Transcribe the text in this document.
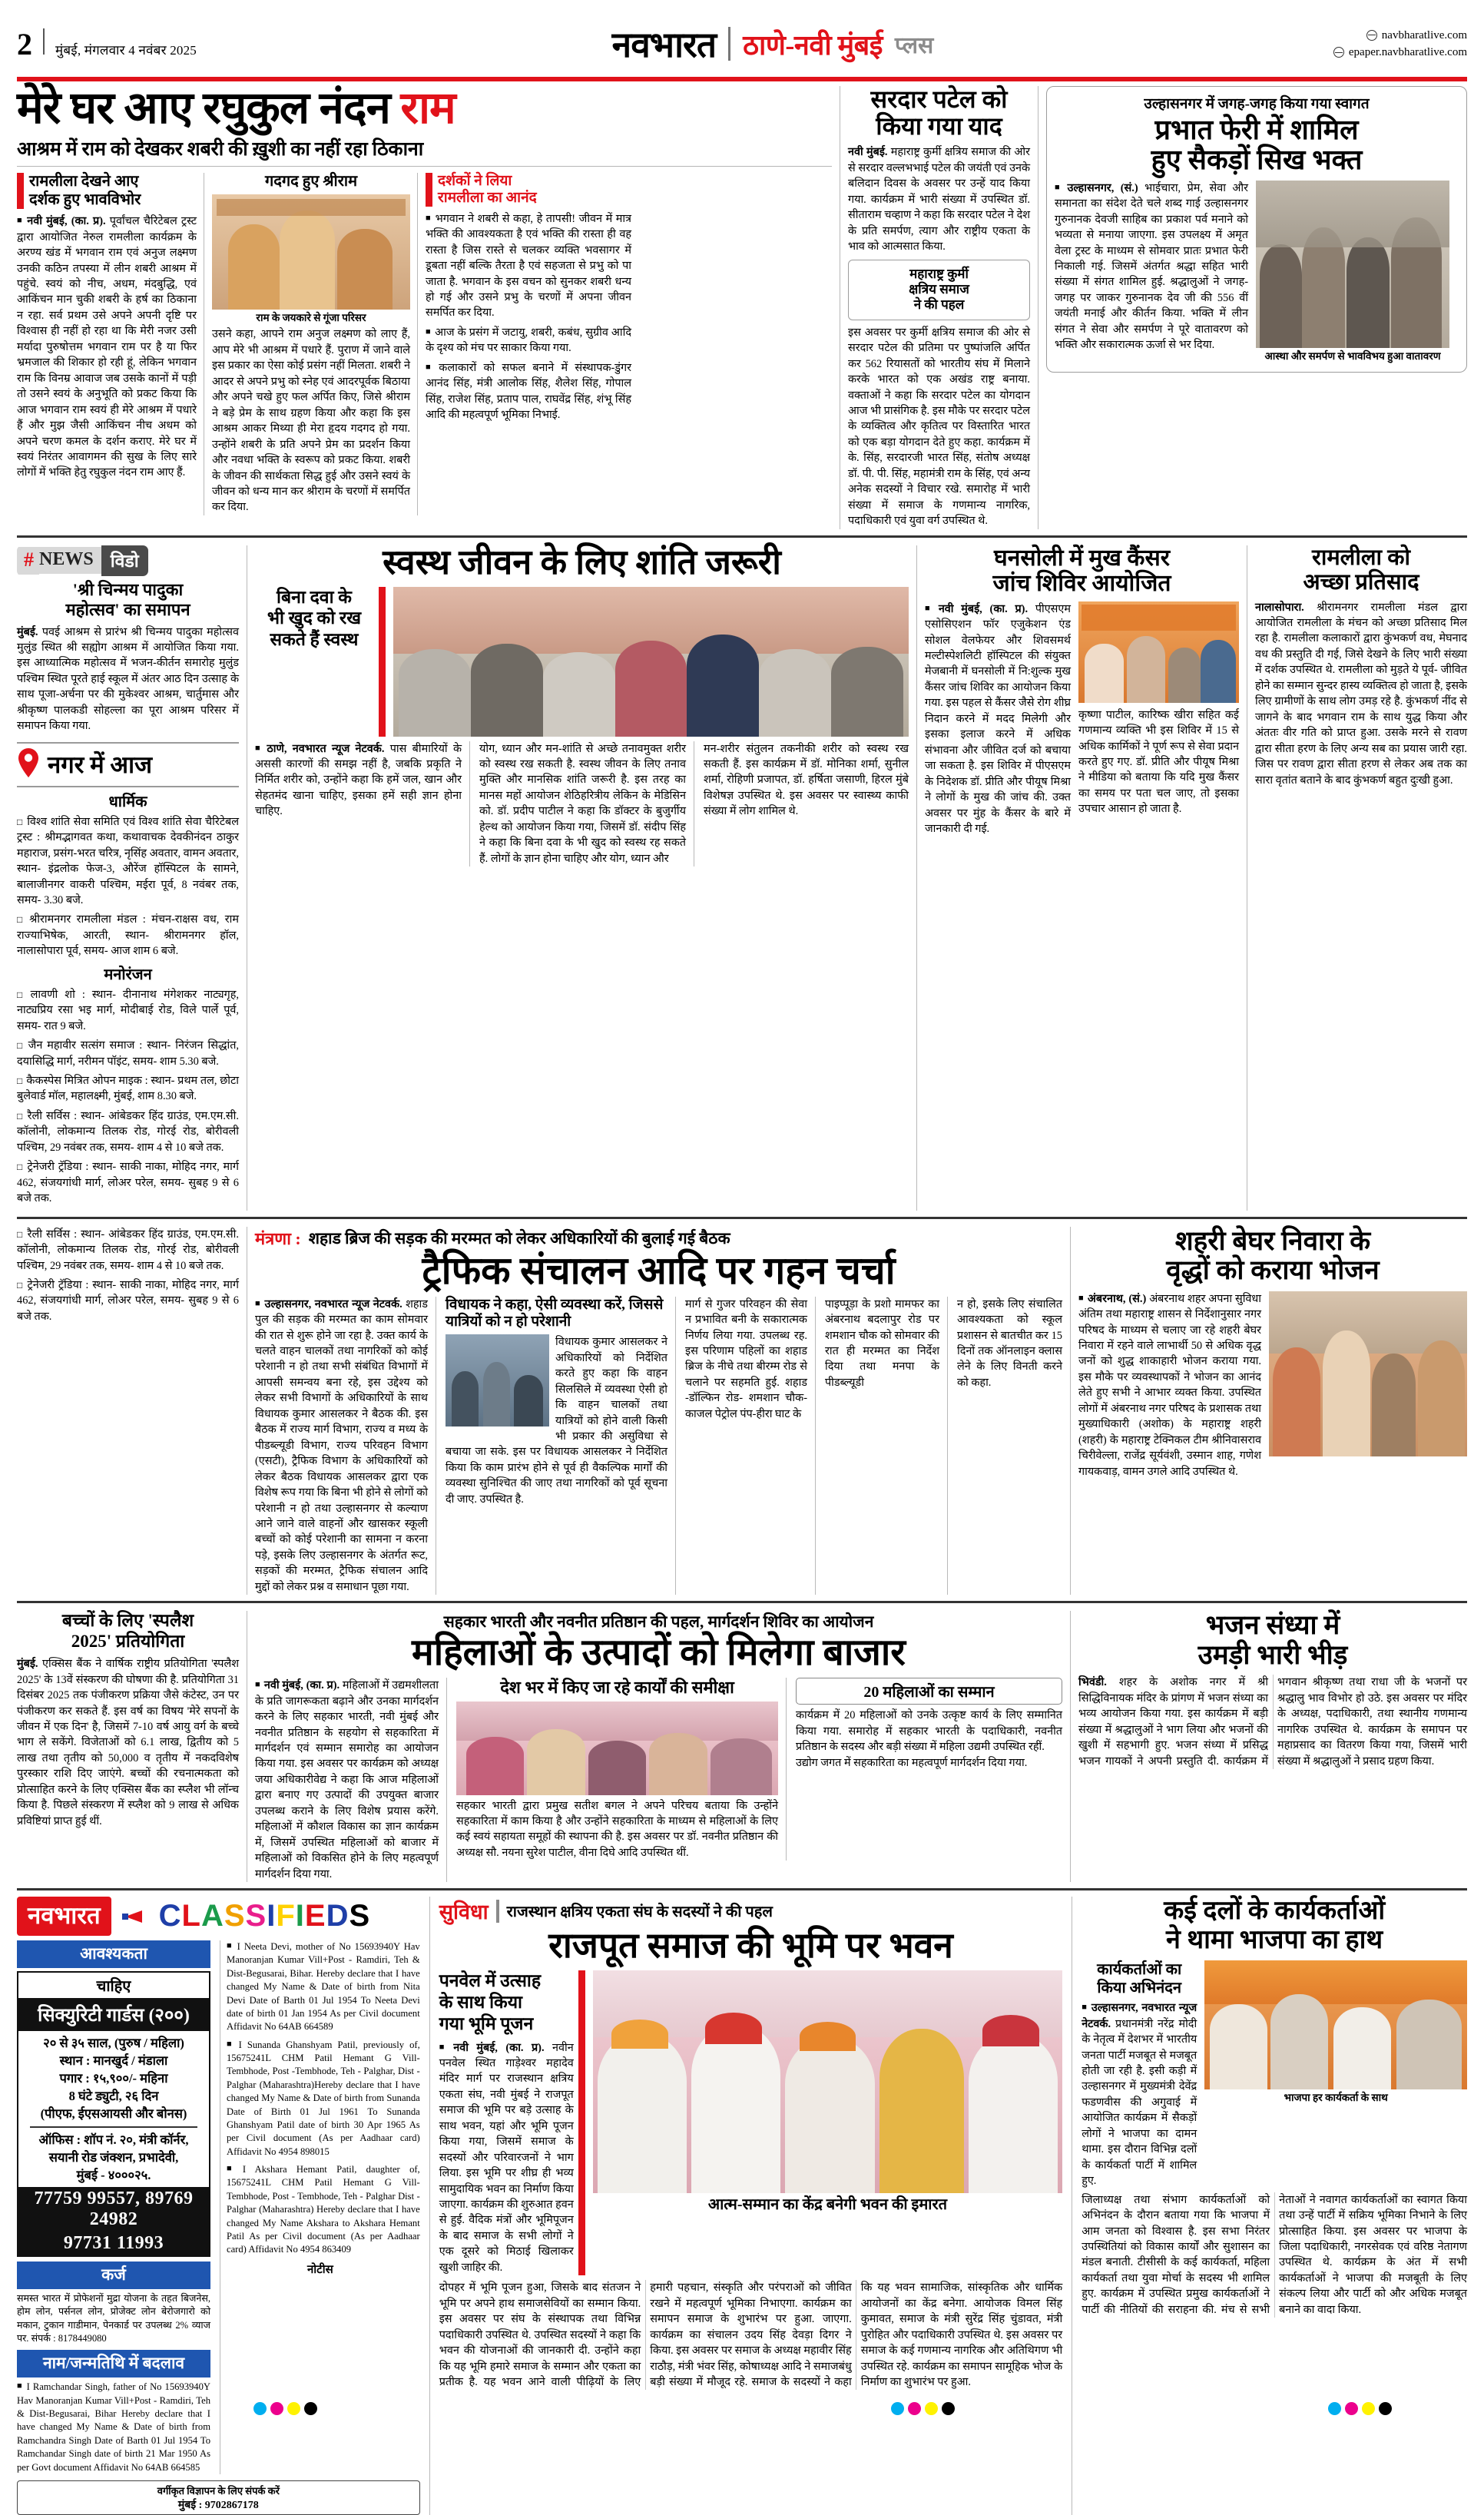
2 मुंबई, मंगलवार 4 नवंबर 2025	नवभारत ठाणे-नवी मुंबई प्लस	navbharatlive.com
epaper.navbharatlive.com
मेरे घर आए रघुकुल नंदन राम
आश्रम में राम को देखकर शबरी की ख़ुशी का नहीं रहा ठिकाना
रामलीला देखने आए
दर्शक हुए भावविभोर
■ नवी मुंबई, (का. प्र). पूर्वांचल चैरिटेबल ट्रस्ट द्वारा आयोजित नेरुल रामलीला कार्यक्रम के अरण्य खंड में भगवान राम एवं अनुज लक्ष्मण उनकी कठिन तपस्या में लीन शबरी आश्रम में पहुंचे. स्वयं को नीच, अधम, मंदबुद्धि, एवं आकिंचन मान चुकी शबरी के हर्ष का ठिकाना न रहा. सर्व प्रथम उसे अपने अपनी दृष्टि पर विश्वास ही नहीं हो रहा था कि मेरी नजर उसी मर्यादा पुरुषोत्तम भगवान राम पर है या फिर भ्रमजाल की शिकार हो रही हूं, लेकिन भगवान राम कि विनम्र आवाज जब उसके कानों में पड़ी तो उसने स्वयं के अनुभूति को प्रकट किया कि आज भगवान राम स्वयं ही मेरे आश्रम में पधारे हैं और मुझ जैसी आकिंचन नीच अधम को अपने चरण कमल के दर्शन कराए. मेरे घर में स्वयं निरंतर आवागमन की सुख के लिए सारे लोगों में भक्ति हेतु रघुकुल नंदन राम आए हैं.
गदगद हुए श्रीराम
राम के जयकारे से गूंजा परिसर
उसने कहा, आपने राम अनुज लक्ष्मण को लाए हैं, आप मेरे भी आश्रम में पधारे हैं. पुराण में जाने वाले इस प्रकार का ऐसा कोई प्रसंग नहीं मिलता. शबरी ने आदर से अपने प्रभु को स्नेह एवं आदरपूर्वक बिठाया और अपने चखे हुए फल अर्पित किए, जिसे श्रीराम ने बड़े प्रेम के साथ ग्रहण किया और कहा कि इस आश्रम आकर मिथ्या ही मेरा हृदय गदगद हो गया. उन्होंने शबरी के प्रति अपने प्रेम का प्रदर्शन किया और नवधा भक्ति के स्वरूप को प्रकट किया. शबरी के जीवन की सार्थकता सिद्ध हुई और उसने स्वयं के जीवन को धन्य मान कर श्रीराम के चरणों में समर्पित कर दिया.
दर्शकों ने लिया
रामलीला का आनंद

■ भगवान ने शबरी से कहा, हे तापसी! जीवन में मात्र भक्ति की आवश्यकता है एवं भक्ति की रास्ता ही वह रास्ता है जिस रास्ते से चलकर व्यक्ति भवसागर में डूबता नहीं बल्कि तैरता है एवं सहजता से प्रभु को पा जाता है. भगवान के इस वचन को सुनकर शबरी धन्य हो गई और उसने प्रभु के चरणों में अपना जीवन समर्पित कर दिया.

■ आज के प्रसंग में जटायु, शबरी, कबंध, सुग्रीव आदि के दृश्य को मंच पर साकार किया गया.

■ कलाकारों को सफल बनाने में संस्थापक-डुंगर आनंद सिंह, मंत्री आलोक सिंह, शैलेश सिंह, गोपाल सिंह, राजेश सिंह, प्रताप पाल, राघवेंद्र सिंह, शंभू सिंह आदि की महत्वपूर्ण भूमिका निभाई.

सरदार पटेल को
किया गया याद
नवी मुंबई. महाराष्ट्र कुर्मी क्षत्रिय समाज की ओर से सरदार वल्लभभाई पटेल की जयंती एवं उनके बलिदान दिवस के अवसर पर उन्हें याद किया गया. कार्यक्रम में भारी संख्या में उपस्थित डॉ. सीताराम चव्हाण ने कहा कि सरदार पटेल ने देश के प्रति समर्पण, त्याग और राष्ट्रीय एकता के भाव को आत्मसात किया.
महाराष्ट्र कुर्मी
क्षत्रिय समाज
ने की पहल
इस अवसर पर कुर्मी क्षत्रिय समाज की ओर से सरदार पटेल की प्रतिमा पर पुष्पांजलि अर्पित कर 562 रियासतों को भारतीय संघ में मिलाने करके भारत को एक अखंड राष्ट्र बनाया. वक्ताओं ने कहा कि सरदार पटेल का योगदान आज भी प्रासंगिक है. इस मौके पर सरदार पटेल के व्यक्तित्व और कृतित्व पर विस्तारित भारत को एक बड़ा योगदान देते हुए कहा. कार्यक्रम में के. सिंह, सरदारजी भारत सिंह, संतोष अध्यक्ष डॉ. पी. पी. सिंह, महामंत्री राम के सिंह, एवं अन्य अनेक सदस्यों ने विचार रखे. समारोह में भारी संख्या में समाज के गणमान्य नागरिक, पदाधिकारी एवं युवा वर्ग उपस्थित थे.
उल्हासनगर में जगह-जगह किया गया स्वागत
प्रभात फेरी में शामिल
हुए सैकड़ों सिख भक्त
■ उल्हासनगर, (सं.) भाईचारा, प्रेम, सेवा और समानता का संदेश देते चले शब्द गाई उल्हासनगर गुरुनानक देवजी साहिब का प्रकाश पर्व मनाने को भव्यता से मनाया जाएगा. इस उपलक्ष्य में अमृत वेला ट्रस्ट के माध्यम से सोमवार प्रातः प्रभात फेरी निकाली गई. जिसमें अंतर्गत श्रद्धा सहित भारी संख्या में संगत शामिल हुई. श्रद्धालुओं ने जगह-जगह पर जाकर गुरुनानक देव जी की 556 वीं जयंती मनाई और कीर्तन किया. भक्ति में लीन संगत ने सेवा और समर्पण ने पूरे वातावरण को भक्ति और सकारात्मक ऊर्जा से भर दिया.
आस्था और समर्पण से भावविभय हुआ वातावरण
# NEWS विडो
'श्री चिन्मय पादुका
महोत्सव' का समापन
मुंबई. पवई आश्रम से प्रारंभ श्री चिन्मय पादुका महोत्सव मुलुंड स्थित श्री सह्योग आश्रम में आयोजित किया गया. इस आध्यात्मिक महोत्सव में भजन-कीर्तन समारोह मुलुंड पश्चिम स्थित पूरते हाई स्कूल में अंतर आठ दिन उत्साह के साथ पूजा-अर्चना पर की मुकेश्वर आश्रम, चार्तुमास और श्रीकृष्ण पालकडी सोहल्ला का पूरा आश्रम परिसर में समापन किया गया.
नगर में आज
धार्मिक

□ विश्व शांति सेवा समिति एवं विश्व शांति सेवा चैरिटेबल ट्रस्ट : श्रीमद्भागवत कथा, कथावाचक देवकीनंदन ठाकुर महाराज, प्रसंग-भरत चरित्र, नृसिंह अवतार, वामन अवतार, स्थान- इंद्रलोक फेज-3, औरेंज हॉस्पिटल के सामने, बालाजीनगर वाकरी पश्चिम, मईरा पूर्व, 8 नवंबर तक, समय- 3.30 बजे.

□ श्रीरामनगर रामलीला मंडल : मंचन-राक्षस वध, राम राज्याभिषेक, आरती, स्थान- श्रीरामनगर हॉल, नालासोपारा पूर्व, समय- आज शाम 6 बजे.

मनोरंजन

□ लावणी शो : स्थान- दीनानाथ मंगेशकर नाट्यगृह, नाट्यप्रिय रसा भइ मार्ग, मोदीबाई रोड, विले पार्ले पूर्व, समय- रात 9 बजे.

□ जैन महावीर सत्संग समाज : स्थान- निरंजन सिद्धांत, दयासिद्धि मार्ग, नरीमन पॉइंट, समय- शाम 5.30 बजे.

□ कैकस्पेस मित्रित ओपन माइक : स्थान- प्रथम तल, छोटा बुलेवार्ड मॉल, महालक्ष्मी, मुंबई, शाम 8.30 बजे.

□ रैली सर्विस : स्थान- आंबेडकर हिंद ग्राउंड, एम.एम.सी. कॉलोनी, लोकमान्य तिलक रोड, गोरई रोड, बोरीवली पश्चिम, 29 नवंबर तक, समय- शाम 4 से 10 बजे तक.

□ ट्रेनेजरी ट्रॅडिया : स्थान- साकी नाका, मोहिद नगर, मार्ग 462, संजयगांधी मार्ग, लोअर परेल, समय- सुबह 9 से 6 बजे तक.

स्वस्थ जीवन के लिए शांति जरूरी
बिना दवा के
भी खुद को रख
सकते हैं स्वस्थ
■ ठाणे, नवभारत न्यूज नेटवर्क. पास बीमारियों के अससी कारणों की समझ नहीं है, जबकि प्रकृति ने निर्मित शरीर को, उन्होंने कहा कि हमें जल, खान और सेहतमंद खाना चाहिए, इसका हमें सही ज्ञान होना चाहिए.
योग, ध्यान और मन-शांति से अच्छे तनावमुक्त शरीर को स्वस्थ रख सकती है. स्वस्थ जीवन के लिए तनाव मुक्ति और मानसिक शांति जरूरी है. इस तरह का मानस महों आयोजन शेठिहरित्रीय लेकिन के मेडिसिन को. डॉ. प्रदीप पाटील ने कहा कि डॉक्टर के बुजुर्गीय हेल्थ को आयोजन किया गया, जिसमें डॉ. संदीप सिंह ने कहा कि बिना दवा के भी खुद को स्वस्थ रह सकते हैं. लोगों के ज्ञान होना चाहिए और योग, ध्यान और
मन-शरीर संतुलन तकनीकी शरीर को स्वस्थ रख सकती हैं. इस कार्यक्रम में डॉ. मोनिका शर्मा, सुनील शर्मा, रोहिणी प्रजापत, डॉ. हर्षिता जसाणी, हिरल मुंबे विशेषज्ञ उपस्थित थे. इस अवसर पर स्वास्थ्य काफी संख्या में लोग शामिल थे.
घनसोली में मुख कैंसर
जांच शिविर आयोजित
■ नवी मुंबई, (का. प्र). पीएसएम एसोसिएशन फॉर एजुकेशन एंड सोशल वेलफेयर और शिवसमर्थ मल्टीस्पेशलिटी हॉस्पिटल की संयुक्त मेजबानी में घनसोली में नि:शुल्क मुख कैंसर जांच शिविर का आयोजन किया गया. इस पहल से कैंसर जैसे रोग शीघ्र निदान करने में मदद मिलेगी और इसका इलाज करने में अधिक संभावना और जीवित दर्ज को बचाया जा सकता है. इस शिविर में पीएसएम के निदेशक डॉ. प्रीति और पीयूष मिश्रा ने लोगों के मुख की जांच की. उक्त अवसर पर मुंह के कैंसर के बारे में जानकारी दी गई.
कृष्णा पाटील, कारिष्क खीरा सहित कई गणमान्य व्यक्ति भी इस शिविर में 15 से अधिक कार्मिकों ने पूर्ण रूप से सेवा प्रदान करते हुए गए. डॉ. प्रीति और पीयूष मिश्रा ने मीडिया को बताया कि यदि मुख कैंसर का समय पर पता चल जाए, तो इसका उपचार आसान हो जाता है.
रामलीला को
अच्छा प्रतिसाद
नालासोपारा. श्रीरामनगर रामलीला मंडल द्वारा आयोजित रामलीला के मंचन को अच्छा प्रतिसाद मिल रहा है. रामलीला कलाकारों द्वारा कुंभकर्ण वध, मेघनाद वध की प्रस्तुति दी गई, जिसे देखने के लिए भारी संख्या में दर्शक उपस्थित थे. रामलीला को मुड़ते ये पूर्व- जीवित होने का सम्मान सुन्दर हास्य व्यक्तित्व हो जाता है, इसके लिए ग्रामीणों के साथ लोग उमड़ रहे है. कुंभकर्ण नींद से जागने के बाद भगवान राम के साथ युद्ध किया और अंततः वीर गति को प्राप्त हुआ. उसके मरने से रावण द्वारा सीता हरण के लिए अन्य सब का प्रयास जारी रहा. जिस पर रावण द्वारा सीता हरण से लेकर अब तक का सारा वृतांत बताने के बाद कुंभकर्ण बहुत दुःखी हुआ.

□ रैली सर्विस : स्थान- आंबेडकर हिंद ग्राउंड, एम.एम.सी. कॉलोनी, लोकमान्य तिलक रोड, गोरई रोड, बोरीवली पश्चिम, 29 नवंबर तक, समय- शाम 4 से 10 बजे तक.

□ ट्रेनेजरी ट्रॅडिया : स्थान- साकी नाका, मोहिद नगर, मार्ग 462, संजयगांधी मार्ग, लोअर परेल, समय- सुबह 9 से 6 बजे तक.

मंत्रणा : शहाड ब्रिज की सड़क की मरम्मत को लेकर अधिकारियों की बुलाई गई बैठक
ट्रैफिक संचालन आदि पर गहन चर्चा
■ उल्हासनगर, नवभारत न्यूज नेटवर्क. शहाड पुल की सड़क की मरम्मत का काम सोमवार की रात से शुरू होने जा रहा है. उक्त कार्य के चलते वाहन चालकों तथा नागरिकों को कोई परेशानी न हो तथा सभी संबंधित विभागों में आपसी समन्वय बना रहे, इस उद्देश्य को लेकर सभी विभागों के अधिकारियों के साथ विधायक कुमार आसलकर ने बैठक की. इस बैठक में राज्य मार्ग विभाग, राज्य व मध्य के पीडब्ल्यूडी विभाग, राज्य परिवहन विभाग (एसटी), ट्रैफिक विभाग के अधिकारियों को लेकर बैठक विधायक आसलकर द्वारा एक विशेष रूप गया कि बिना भी होने से लोगों को परेशानी न हो तथा उल्हासनगर से कल्याण आने जाने वाले वाहनों और खासकर स्कूली बच्चों को कोई परेशानी का सामना न करना पड़े, इसके लिए उल्हासनगर के अंतर्गत रूट, सड़कों की मरम्मत, ट्रैफिक संचालन आदि मुद्दों को लेकर प्रश्न व समाधान पूछा गया.
विधायक ने कहा, ऐसी व्यवस्था करें, जिससे यात्रियों को न हो परेशानी
विधायक कुमार आसलकर ने अधिकारियों को निर्देशित करते हुए कहा कि वाहन सिलसिले में व्यवस्था ऐसी हो कि वाहन चालकों तथा यात्रियों को होने वाली किसी भी प्रकार की असुविधा से बचाया जा सके. इस पर विधायक आसलकर ने निर्देशित किया कि काम प्रारंभ होने से पूर्व ही वैकल्पिक मार्गों की व्यवस्था सुनिश्चित की जाए तथा नागरिकों को पूर्व सूचना दी जाए. उपस्थित है.
मार्ग से गुजर परिवहन की सेवा न प्रभावित बनी के सकारात्मक निर्णय लिया गया. उपलब्ध रह. इस परिणाम पहिलों का शहाड ब्रिज के नीचे तथा बीरम्म रोड से चलाने पर सहमति हुई. शहाड -डॉल्फिन रोड- शमशान चौक- काजल पेट्रोल पंप-हीरा घाट के
पाइप्पूड़ा के प्रशो मामफर का अंबरनाथ बदलापुर रोड पर शमशान चौक को सोमवार की रात ही मरम्मत का निर्देश दिया तथा मनपा के पीडब्ल्यूडी
न हो, इसके लिए संचालित आवश्यकता को स्कूल प्रशासन से बातचीत कर 15 दिनों तक ऑनलाइन क्लास लेने के लिए विनती करने को कहा.
शहरी बेघर निवारा के
वृद्धों को कराया भोजन
■ अंबरनाथ, (सं.) अंबरनाथ शहर अपना सुविधा अंतिम तथा महाराष्ट्र शासन से निर्देशानुसार नगर परिषद के माध्यम से चलाए जा रहे शहरी बेघर निवारा में रहने वाले लाभार्थी 50 से अधिक वृद्ध जनों को शुद्ध शाकाहारी भोजन कराया गया. इस मौके पर व्यवस्थापकों ने भोजन का आनंद लेते हुए सभी ने आभार व्यक्त किया. उपस्थित लोगों में अंबरनाथ नगर परिषद के प्रशासक तथा मुख्याधिकारी (अशोक) के महाराष्ट्र शहरी (शहरी) के महाराष्ट्र टेक्निकल टीम श्रीनिवासराव चिरीवेल्ला, राजेंद्र सूर्यवंशी, उस्मान शाह, गणेश गायकवाड़, वामन उगले आदि उपस्थित थे.
बच्चों के लिए 'स्पलैश
2025' प्रतियोगिता
मुंबई. एक्सिस बैंक ने वार्षिक राष्ट्रीय प्रतियोगिता 'स्पलैश 2025' के 13वें संस्करण की घोषणा की है. प्रतियोगिता 31 दिसंबर 2025 तक पंजीकरण प्रक्रिया जैसे कंटेस्ट, उन पर पंजीकरण कर सकते हैं. इस वर्ष का विषय 'मेरे सपनों के जीवन में एक दिन' है, जिसमें 7-10 वर्ष आयु वर्ग के बच्चे भाग ले सकेंगे. विजेताओं को 6.1 लाख, द्वितीय को 5 लाख तथा तृतीय को 50,000 व तृतीय में नकदविशेष पुरस्कार राशि दिए जाएंगे. बच्चों की रचनात्मकता को प्रोत्साहित करने के लिए एक्सिस बैंक का स्प्लैश भी लॉन्च किया है. पिछले संस्करण में स्प्लैश को 9 लाख से अधिक प्रविष्टियां प्राप्त हुई थीं.
सहकार भारती और नवनीत प्रतिष्ठान की पहल, मार्गदर्शन शिविर का आयोजन
महिलाओं के उत्पादों को मिलेगा बाजार
■ नवी मुंबई, (का. प्र). महिलाओं में उद्यमशीलता के प्रति जागरूकता बढ़ाने और उनका मार्गदर्शन करने के लिए सहकार भारती, नवी मुंबई और नवनीत प्रतिष्ठान के सहयोग से सहकारिता में मार्गदर्शन एवं सम्मान समारोह का आयोजन किया गया. इस अवसर पर कार्यक्रम को अध्यक्ष जया अधिकारीवेद्य ने कहा कि आज महिलाओं द्वारा बनाए गए उत्पादों की उपयुक्त बाजार उपलब्ध कराने के लिए विशेष प्रयास करेंगे. महिलाओं में कौशल विकास का ज्ञान कार्यक्रम में, जिसमें उपस्थित महिलाओं को बाजार में महिलाओं को विकसित होने के लिए महत्वपूर्ण मार्गदर्शन दिया गया.
देश भर में किए जा रहे कार्यों की समीक्षा
सहकार भारती द्वारा प्रमुख सतीश बगल ने अपने परिचय बताया कि उन्होंने सहकारिता में काम किया है और उन्होंने सहकारिता के माध्यम से महिलाओं के लिए कई स्वयं सहायता समूहों की स्थापना की है. इस अवसर पर डॉ. नवनीत प्रतिष्ठान की अध्यक्ष सौ. नयना सुरेश पाटील, वीना दिघे आदि उपस्थित थीं.
20 महिलाओं का सम्मान
कार्यक्रम में 20 महिलाओं को उनके उत्कृष्ट कार्य के लिए सम्मानित किया गया. समारोह में सहकार भारती के पदाधिकारी, नवनीत प्रतिष्ठान के सदस्य और बड़ी संख्या में महिला उद्यमी उपस्थित रहीं.
उद्योग जगत में सहकारिता का महत्वपूर्ण मार्गदर्शन दिया गया.
भजन संध्या में
उमड़ी भारी भीड़
भिवंडी. शहर के अशोक नगर में श्री सिद्धिविनायक मंदिर के प्रांगण में भजन संध्या का भव्य आयोजन किया गया. इस कार्यक्रम में बड़ी संख्या में श्रद्धालुओं ने भाग लिया और भजनों की खुशी में सहभागी हुए. भजन संध्या में प्रसिद्ध भजन गायकों ने अपनी प्रस्तुति दी. कार्यक्रम में भगवान श्रीकृष्ण तथा राधा जी के भजनों पर श्रद्धालु भाव विभोर हो उठे. इस अवसर पर मंदिर के अध्यक्ष, पदाधिकारी, तथा स्थानीय गणमान्य नागरिक उपस्थित थे. कार्यक्रम के समापन पर महाप्रसाद का वितरण किया गया, जिसमें भारी संख्या में श्रद्धालुओं ने प्रसाद ग्रहण किया.
नवभारत	CLASSIFIEDS
आवश्यकता
चाहिए
सिक्युरिटी गार्डस (२००)
२० से ३५ साल, (पुरुष / महिला)
स्थान : मानखुर्द / मंडाला
पगार : १५,९००/- महिना
8 घंटे ड्युटी, २६ दिन
(पीएफ, ईएसआयसी और बोनस)
ऑफिस : शॉप नं. २०, मंत्री कॉर्नर,
सयानी रोड जंक्शन, प्रभादेवी,
मुंबई - ४०००२५.
77759 99557, 89769 24982
97731 11993
कर्ज
समस्त भारत में प्रोफेशनों मुद्रा योजना के तहत बिजनेस, होम लोन, पर्सनल लोन, प्रोजेक्ट लोन बेरोजगारो को मकान, टुकान गाडीमान, पेनकार्ड पर उपलब्ध 2% व्याज पर. संपर्क : 8178449080
नाम/जन्मतिथि में बदलाव
■ I Ramchandar Singh, father of No 15693940Y Hav Manoranjan Kumar Vill+Post - Ramdiri, Teh & Dist-Begusarai, Bihar Hereby declare that I have changed My Name & Date of birth from Ramchandra Singh Date of Barth 01 Jul 1954 To Ramchandar Singh date of birth 21 Mar 1950 As per Govt document Affidavit No 64AB 664585
■ I Neeta Devi, mother of No 15693940Y Hav Manoranjan Kumar Vill+Post - Ramdiri, Teh & Dist-Begusarai, Bihar. Hereby declare that I have changed My Name & Date of birth from Nita Devi Date of Barth 01 Jul 1954 To Neeta Devi date of birth 01 Jan 1954 As per Civil document Affidavit No 64AB 664589
■ I Sunanda Ghanshyam Patil, previously of, 15675241L CHM Patil Hemant G Vill- Tembhode, Post -Tembhode, Teh - Palghar, Dist - Palghar (Maharashtra)Hereby declare that I have changed My Name & Date of birth from Sunanda Date of Birth 01 Jul 1961 To Sunanda Ghanshyam Patil date of birth 30 Apr 1965 As per Civil document (As per Aadhaar card) Affidavit No 4954 898015
■ I Akshara Hemant Patil, daughter of, 15675241L CHM Patil Hemant G Vill- Tembhode, Post - Tembhode, Teh - Palghar Dist - Palghar (Maharashtra) Hereby declare that I have changed My Name Akshara to Akshara Hemant Patil As per Civil document (As per Aadhaar card) Affidavit No 4954 863409
नोटीस
वर्गीकृत विज्ञापन के लिए संपर्क करें
मुंबई : 9702867178
सुविधा राजस्थान क्षत्रिय एकता संघ के सदस्यों ने की पहल
राजपूत समाज की भूमि पर भवन
पनवेल में उत्साह
के साथ किया
गया भूमि पूजन
■ नवी मुंबई, (का. प्र). नवीन पनवेल स्थित गाड़ेश्वर महादेव मंदिर मार्ग पर राजस्थान क्षत्रिय एकता संघ, नवी मुंबई ने राजपूत समाज की भूमि पर बड़े उत्साह के साथ भवन, यहां और भूमि पूजन किया गया, जिसमें समाज के सदस्यों और परिवारजनों ने भाग लिया. इस भूमि पर शीघ्र ही भव्य सामुदायिक भवन का निर्माण किया जाएगा. कार्यक्रम की शुरुआत हवन से हुई. वैदिक मंत्रों और भूमिपूजन के बाद समाज के सभी लोगों ने एक दूसरे को मिठाई खिलाकर खुशी जाहिर की.
आत्म-सम्मान का केंद्र बनेगी भवन की इमारत
दोपहर में भूमि पूजन हुआ, जिसके बाद संतजन ने भूमि पर अपने हाथ समाजसेवियों का सम्मान किया. इस अवसर पर संघ के संस्थापक तथा विभिन्न पदाधिकारी उपस्थित थे. उपस्थित सदस्यों ने कहा कि भवन की योजनाओं की जानकारी दी. उन्होंने कहा कि यह भूमि हमारे समाज के सम्मान और एकता का प्रतीक है. यह भवन आने वाली पीढ़ियों के लिए हमारी पहचान, संस्कृति और परंपराओं को जीवित रखने में महत्वपूर्ण भूमिका निभाएगा. कार्यक्रम का समापन समाज के शुभारंभ पर हुआ. जाएगा. कार्यक्रम का संचालन उदय सिंह देवड़ा दिगर ने किया. इस अवसर पर समाज के अध्यक्ष महावीर सिंह राठौड़, मंत्री भंवर सिंह, कोषाध्यक्ष आदि ने समाजबंधु बड़ी संख्या में मौजूद रहे. समाज के सदस्यों ने कहा कि यह भवन सामाजिक, सांस्कृतिक और धार्मिक आयोजनों का केंद्र बनेगा. आयोजक विमल सिंह कुमावत, समाज के मंत्री सुरेंद्र सिंह चुंडावत, मंत्री पुरोहित और पदाधिकारी उपस्थित थे. इस अवसर पर समाज के कई गणमान्य नागरिक और अतिथिगण भी उपस्थित रहे. कार्यक्रम का समापन सामूहिक भोज के निर्माण का शुभारंभ पर हुआ.
कई दलों के कार्यकर्ताओं
ने थामा भाजपा का हाथ
कार्यकर्ताओं का
किया अभिनंदन
■ उल्हासनगर, नवभारत न्यूज नेटवर्क. प्रधानमंत्री नरेंद्र मोदी के नेतृत्व में देशभर में भारतीय जनता पार्टी मजबूत से मजबूत होती जा रही है. इसी कड़ी में उल्हासनगर में मुख्यमंत्री देवेंद्र फडणवीस की अगुवाई में आयोजित कार्यक्रम में सैकड़ों लोगों ने भाजपा का दामन थामा. इस दौरान विभिन्न दलों के कार्यकर्ता पार्टी में शामिल हुए.
भाजपा हर कार्यकर्ता के साथ
जिलाध्यक्ष तथा संभाग कार्यकर्ताओं को अभिनंदन के दौरान बताया गया कि भाजपा में आम जनता को विश्वास है. इस सभा निरंतर उपस्थितियां को विकास कार्यों और सुशासन का मंडल बनाती. टीसीसी के कई कार्यकर्ता, महिला कार्यकर्ता तथा युवा मोर्चा के सदस्य भी शामिल हुए. कार्यक्रम में उपस्थित प्रमुख कार्यकर्ताओं ने पार्टी की नीतियों की सराहना की. मंच से सभी नेताओं ने नवागत कार्यकर्ताओं का स्वागत किया तथा उन्हें पार्टी में सक्रिय भूमिका निभाने के लिए प्रोत्साहित किया. इस अवसर पर भाजपा के जिला पदाधिकारी, नगरसेवक एवं वरिष्ठ नेतागण उपस्थित थे. कार्यक्रम के अंत में सभी कार्यकर्ताओं ने भाजपा की मजबूती के लिए संकल्प लिया और पार्टी को और अधिक मजबूत बनाने का वादा किया.
